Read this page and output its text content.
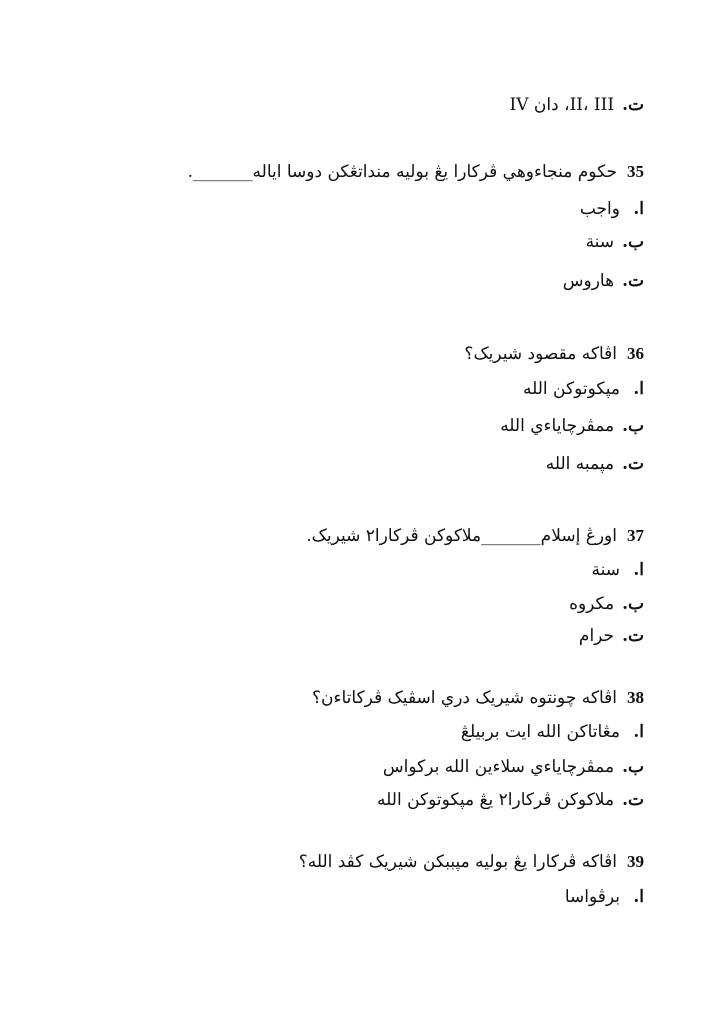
ت.II، III، دان IV
35حکوم منجاءوهي ڤرکارا يڠ بوليه منداتڠکن دوسا اياله_______.
ا.واجب
ب.سنة
ت.هاروس
36اڤاکه مقصود شيريک؟
ا.مڽکوتوکن الله
ب.ممڤرچاياءي الله
ت.مڽمبه الله
37اورڠ إسلام_______ملاکوکن ڤرکارا٢ شيريک.
ا.سنة
ب.مکروه
ت.حرام
38اڤاکه چونتوه شيريک دري اسڤيک ڤرکاتاءن؟
ا.مڠاتاکن الله ايت بربيلڠ
ب.ممڤرچاياءي سلاءين الله برکواس
ت.ملاکوکن ڤرکارا٢ يڠ مڽکوتوکن الله
39اڤاکه ڤرکارا يڠ بوليه مڽببکن شيريک کڤد الله؟
ا.برڤواسا
